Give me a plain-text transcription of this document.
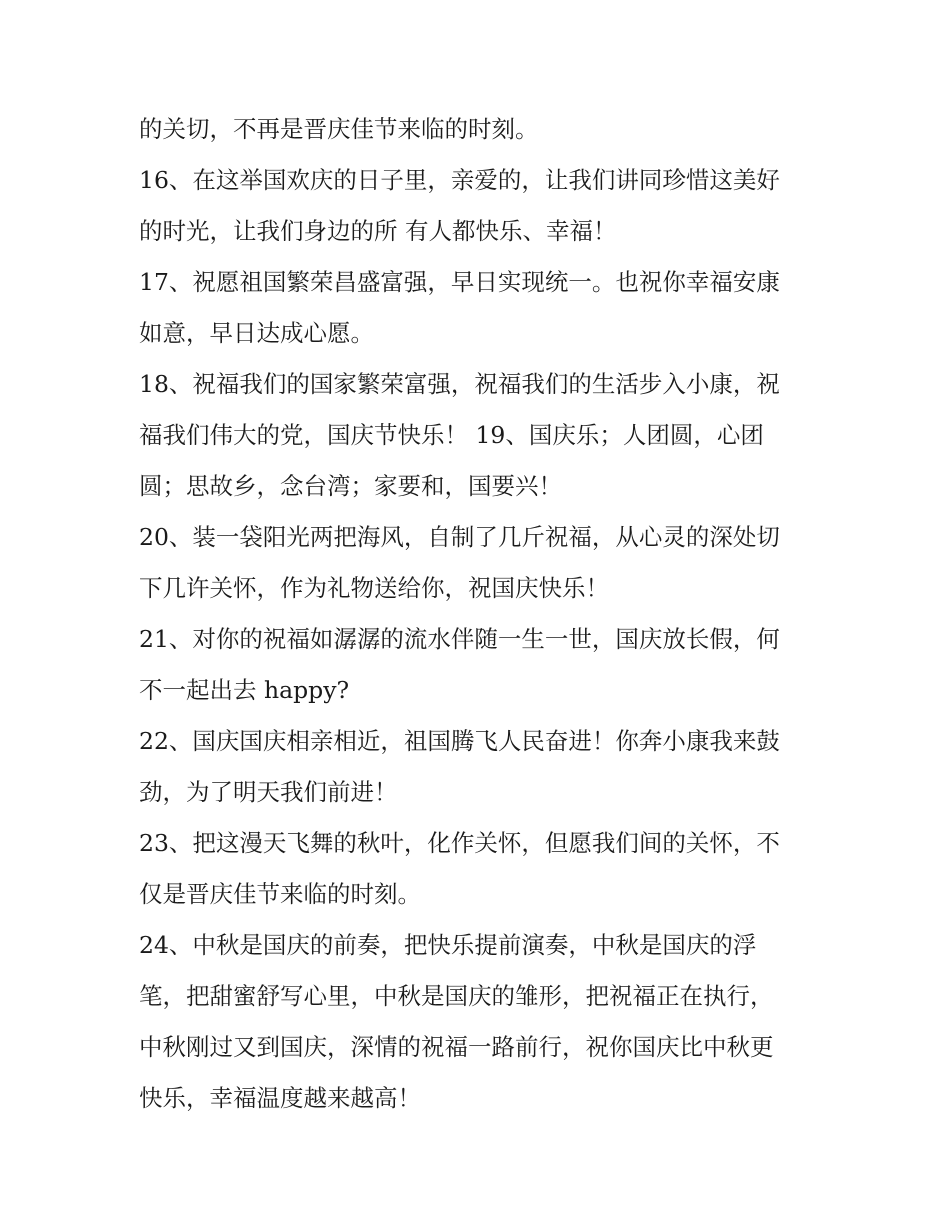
的关切，不再是晋庆佳节来临的时刻。
16、在这举国欢庆的日子里，亲爱的，让我们讲同珍惜这美好
的时光，让我们身边的所 有人都快乐、幸福！
17、祝愿祖国繁荣昌盛富强，早日实现统一。也祝你幸福安康
如意，早日达成心愿。
18、祝福我们的国家繁荣富强，祝福我们的生活步入小康，祝
福我们伟大的党，国庆节快乐！ 19、国庆乐；人团圆，心团
圆；思故乡，念台湾；家要和，国要兴！
20、装一袋阳光两把海风，自制了几斤祝福，从心灵的深处切
下几许关怀，作为礼物送给你，祝国庆快乐！
21、对你的祝福如潺潺的流水伴随一生一世，国庆放长假，何
不一起出去 happy?
22、国庆国庆相亲相近，祖国腾飞人民奋进！你奔小康我来鼓
劲，为了明天我们前进！
23、把这漫天飞舞的秋叶，化作关怀，但愿我们间的关怀，不
仅是晋庆佳节来临的时刻。
24、中秋是国庆的前奏，把快乐提前演奏，中秋是国庆的浮
笔，把甜蜜舒写心里，中秋是国庆的雏形，把祝福正在执行，
中秋刚过又到国庆，深情的祝福一路前行，祝你国庆比中秋更
快乐，幸福温度越来越高！
